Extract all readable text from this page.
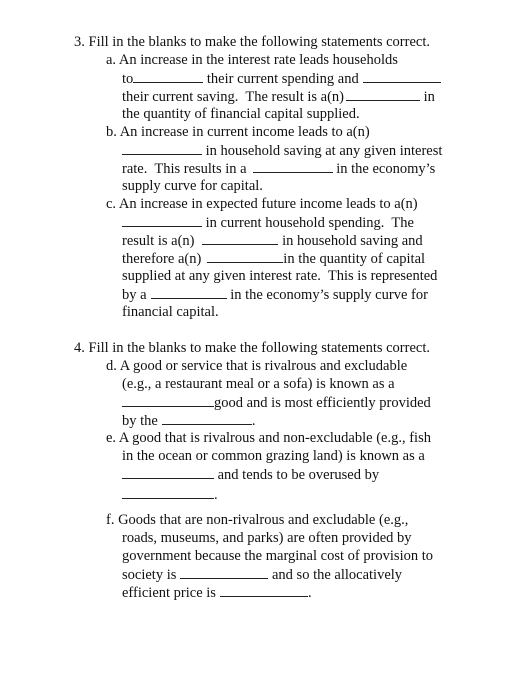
3. Fill in the blanks to make the following statements correct.
a. An increase in the interest rate leads households
to	their current spending and
their current saving.  The result is a(n)	in
the quantity of financial capital supplied.
b. An increase in current income leads to a(n)
in household saving at any given interest
rate.  This results in a	in the economy’s
supply curve for capital.
c. An increase in expected future income leads to a(n)
in current household spending.  The
result is a(n)	in household saving and
therefore a(n)	in the quantity of capital
supplied at any given interest rate.  This is represented
by a	in the economy’s supply curve for
financial capital.
4. Fill in the blanks to make the following statements correct.
d. A good or service that is rivalrous and excludable
(e.g., a restaurant meal or a sofa) is known as a
good and is most efficiently provided
by the	.
e. A good that is rivalrous and non-excludable (e.g., fish
in the ocean or common grazing land) is known as a
and tends to be overused by
.
f. Goods that are non-rivalrous and excludable (e.g.,
roads, museums, and parks) are often provided by
government because the marginal cost of provision to
society is	and so the allocatively
efficient price is	.
